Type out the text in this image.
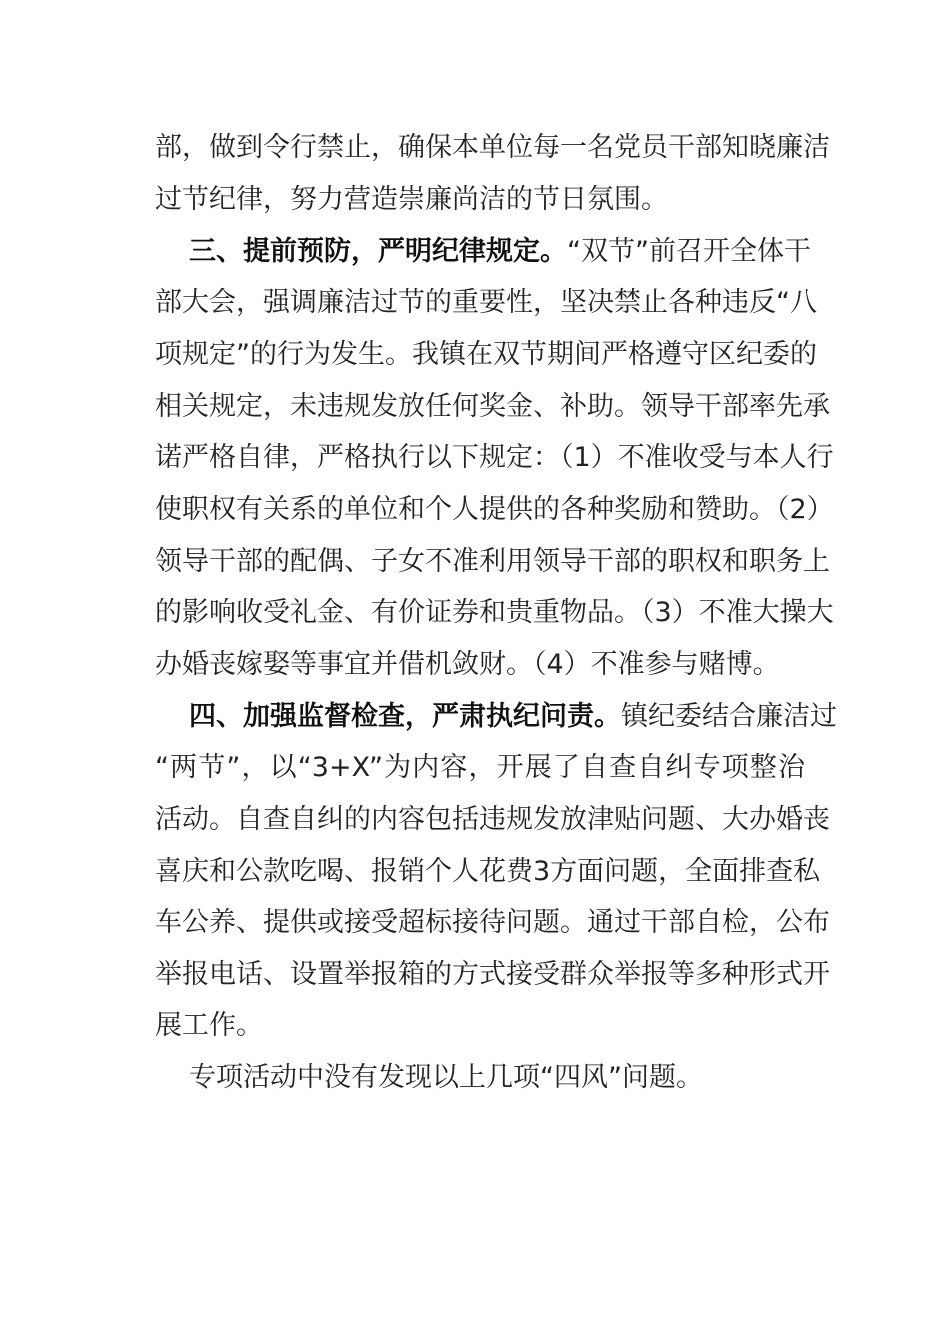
部，做到令行禁止，确保本单位每一名党员干部知晓廉洁
过节纪律，努力营造崇廉尚洁的节日氛围。
三、提前预防，严明纪律规定。“双节”前召开全体干
部大会，强调廉洁过节的重要性，坚决禁止各种违反“八
项规定”的行为发生。我镇在双节期间严格遵守区纪委的
相关规定，未违规发放任何奖金、补助。领导干部率先承
诺严格自律，严格执行以下规定：（1）不准收受与本人行
使职权有关系的单位和个人提供的各种奖励和赞助。（2）
领导干部的配偶、子女不准利用领导干部的职权和职务上
的影响收受礼金、有价证券和贵重物品。（3）不准大操大
办婚丧嫁娶等事宜并借机敛财。（4）不准参与赌博。
四、加强监督检查，严肃执纪问责。镇纪委结合廉洁过
“两节”，以“3+X”为内容，开展了自查自纠专项整治
活动。自查自纠的内容包括违规发放津贴问题、大办婚丧
喜庆和公款吃喝、报销个人花费3方面问题，全面排查私
车公养、提供或接受超标接待问题。通过干部自检，公布
举报电话、设置举报箱的方式接受群众举报等多种形式开
展工作。
专项活动中没有发现以上几项“四风”问题。
